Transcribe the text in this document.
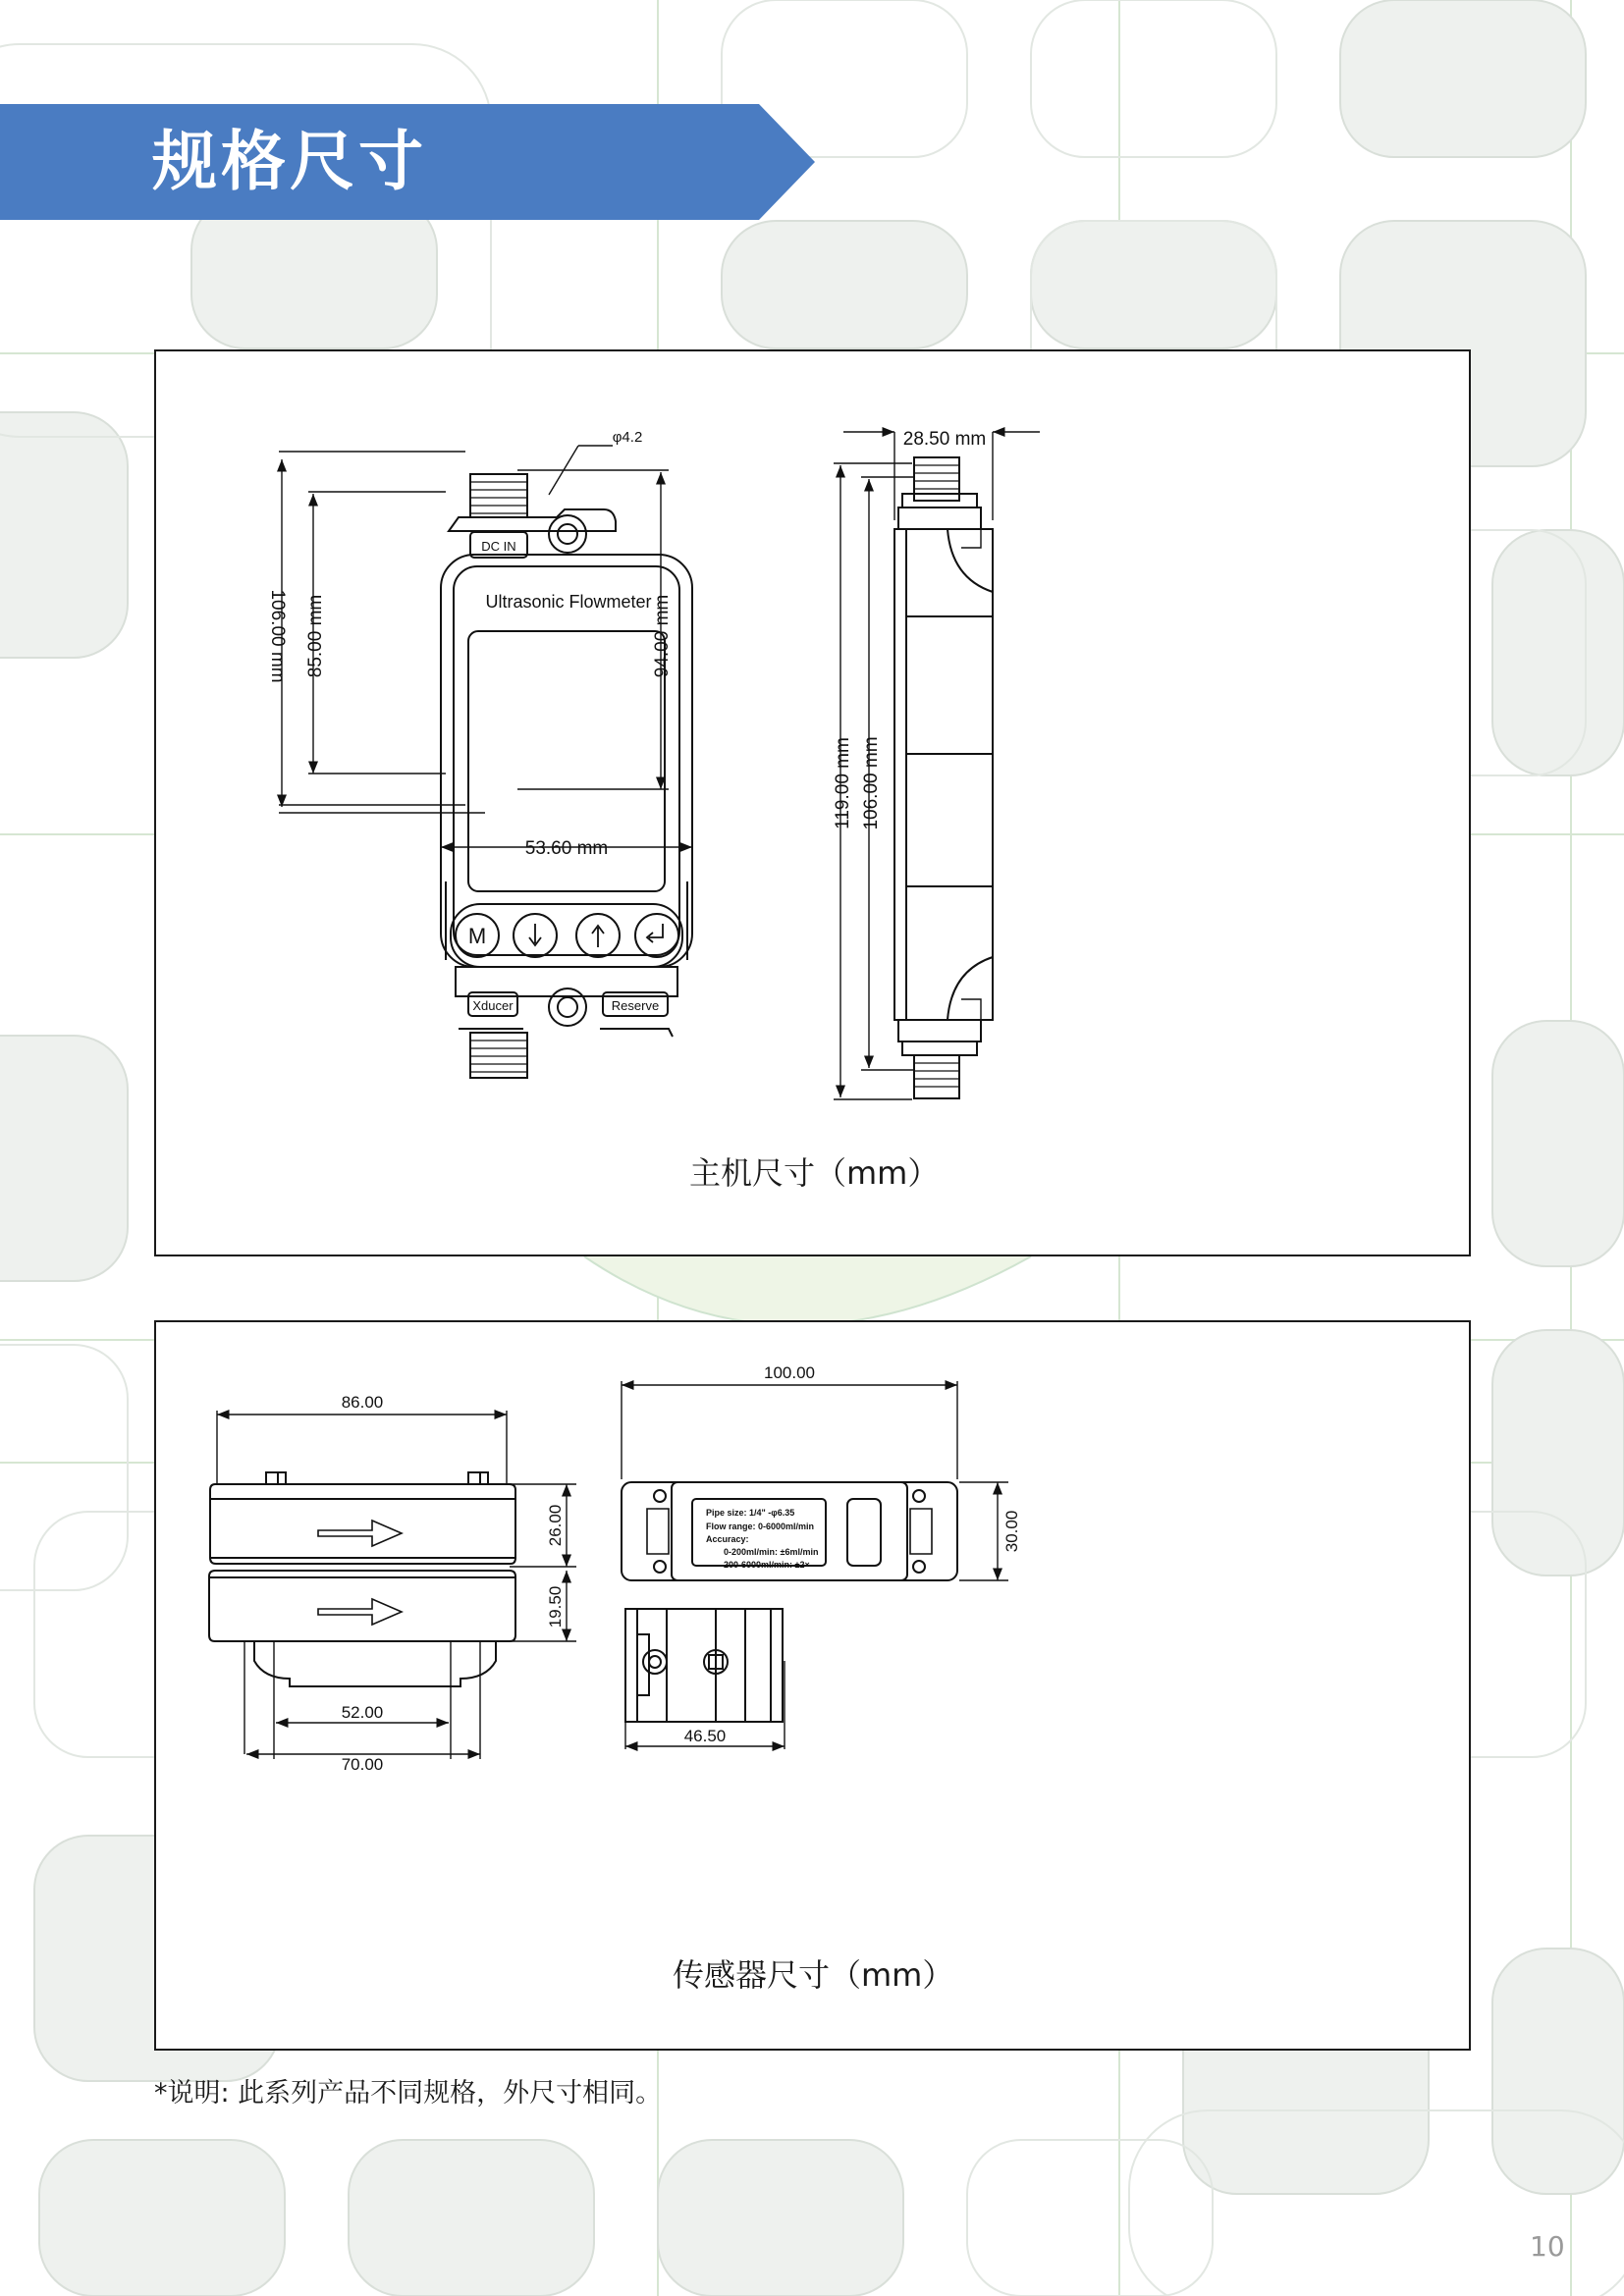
规格尺寸
Ultrasonic Flowmeter
DC IN
Xducer	Reserve
M
φ4.2
106.00 mm 85.00 mm	94.00 mm
53.60 mm
28.50 mm
119.00 mm 106.00 mm
主机尺寸（mm）
Pipe size: 1/4" -φ6.35
Flow range: 0-6000ml/min
Accuracy:
0-200ml/min: ±6ml/min
200-6000ml/min: ±2×
86.00
26.00
19.50
52.00
70.00
100.00
30.00
46.50
传感器尺寸（mm）
*说明: 此系列产品不同规格，外尺寸相同。
10
